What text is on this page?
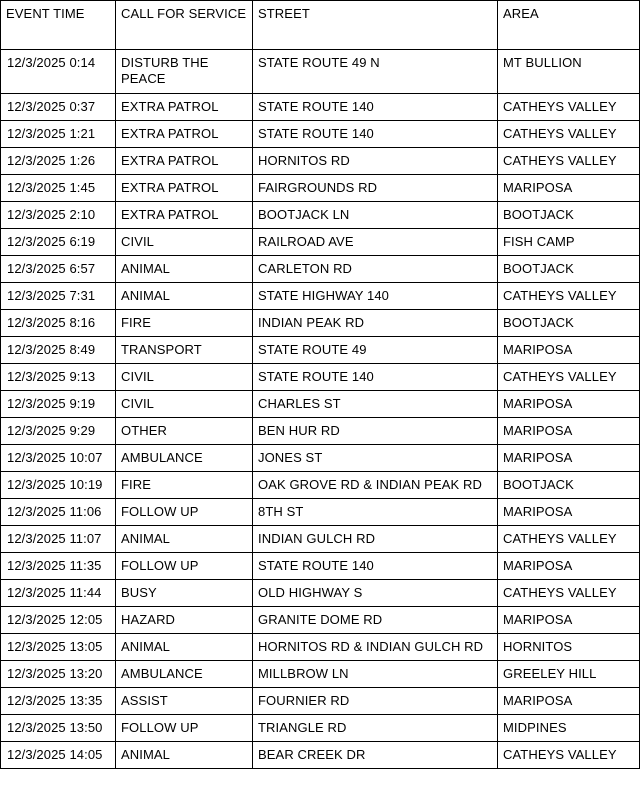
EVENT TIME	CALL FOR SERVICE	STREET	AREA
12/3/2025 0:14	DISTURB THE PEACE	STATE ROUTE 49 N	MT BULLION
12/3/2025 0:37	EXTRA PATROL	STATE ROUTE 140	CATHEYS VALLEY
12/3/2025 1:21	EXTRA PATROL	STATE ROUTE 140	CATHEYS VALLEY
12/3/2025 1:26	EXTRA PATROL	HORNITOS RD	CATHEYS VALLEY
12/3/2025 1:45	EXTRA PATROL	FAIRGROUNDS RD	MARIPOSA
12/3/2025 2:10	EXTRA PATROL	BOOTJACK LN	BOOTJACK
12/3/2025 6:19	CIVIL	RAILROAD AVE	FISH CAMP
12/3/2025 6:57	ANIMAL	CARLETON RD	BOOTJACK
12/3/2025 7:31	ANIMAL	STATE HIGHWAY 140	CATHEYS VALLEY
12/3/2025 8:16	FIRE	INDIAN PEAK RD	BOOTJACK
12/3/2025 8:49	TRANSPORT	STATE ROUTE 49	MARIPOSA
12/3/2025 9:13	CIVIL	STATE ROUTE 140	CATHEYS VALLEY
12/3/2025 9:19	CIVIL	CHARLES ST	MARIPOSA
12/3/2025 9:29	OTHER	BEN HUR RD	MARIPOSA
12/3/2025 10:07	AMBULANCE	JONES ST	MARIPOSA
12/3/2025 10:19	FIRE	OAK GROVE RD & INDIAN PEAK RD	BOOTJACK
12/3/2025 11:06	FOLLOW UP	8TH ST	MARIPOSA
12/3/2025 11:07	ANIMAL	INDIAN GULCH RD	CATHEYS VALLEY
12/3/2025 11:35	FOLLOW UP	STATE ROUTE 140	MARIPOSA
12/3/2025 11:44	BUSY	OLD HIGHWAY S	CATHEYS VALLEY
12/3/2025 12:05	HAZARD	GRANITE DOME RD	MARIPOSA
12/3/2025 13:05	ANIMAL	HORNITOS RD & INDIAN GULCH RD	HORNITOS
12/3/2025 13:20	AMBULANCE	MILLBROW LN	GREELEY HILL
12/3/2025 13:35	ASSIST	FOURNIER RD	MARIPOSA
12/3/2025 13:50	FOLLOW UP	TRIANGLE RD	MIDPINES
12/3/2025 14:05	ANIMAL	BEAR CREEK DR	CATHEYS VALLEY
